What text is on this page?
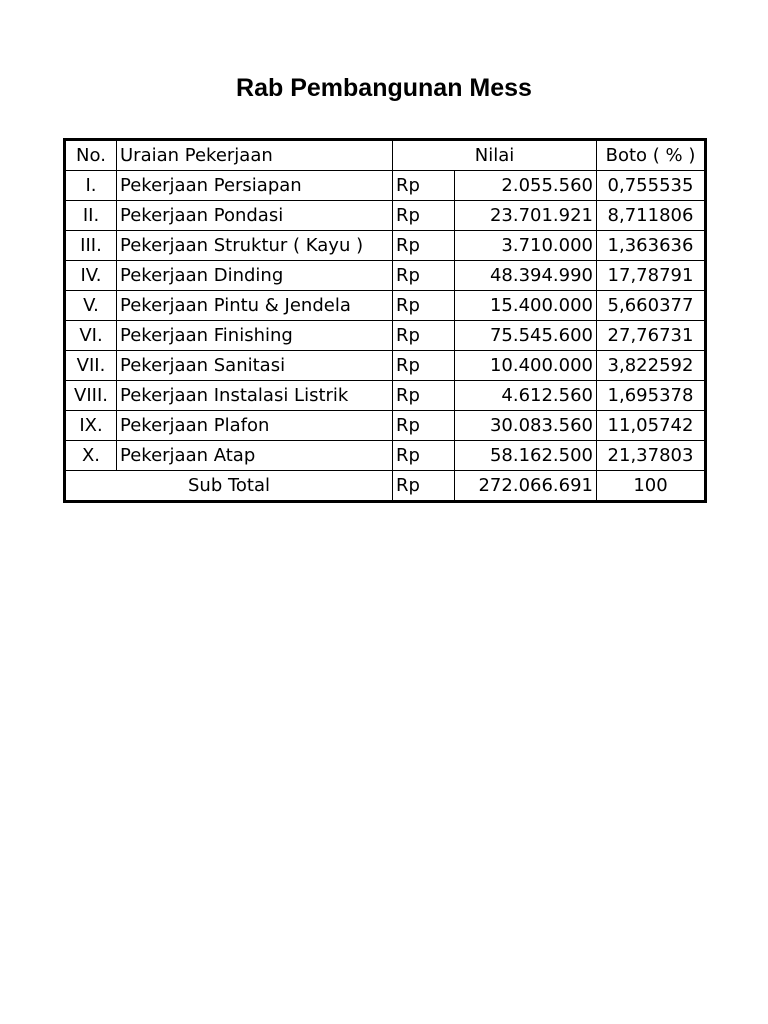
Rab Pembangunan Mess
No.	Uraian Pekerjaan	Nilai		Boto ( % )
I.	Pekerjaan Persiapan	Rp	2.055.560	0,755535
II.	Pekerjaan Pondasi	Rp	23.701.921	8,711806
III.	Pekerjaan Struktur ( Kayu )	Rp	3.710.000	1,363636
IV.	Pekerjaan Dinding	Rp	48.394.990	17,78791
V.	Pekerjaan Pintu & Jendela	Rp	15.400.000	5,660377
VI.	Pekerjaan Finishing	Rp	75.545.600	27,76731
VII.	Pekerjaan Sanitasi	Rp	10.400.000	3,822592
VIII.	Pekerjaan Instalasi Listrik	Rp	4.612.560	1,695378
IX.	Pekerjaan Plafon	Rp	30.083.560	11,05742
X.	Pekerjaan Atap	Rp	58.162.500	21,37803
Sub Total		Rp	272.066.691	100
